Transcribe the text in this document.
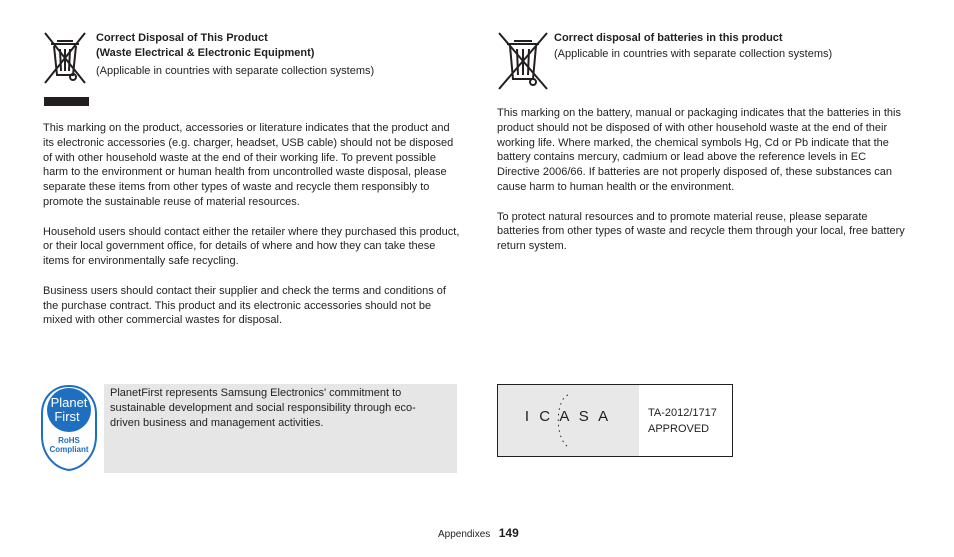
Correct Disposal of This Product

(Waste Electrical & Electronic Equipment)

(Applicable in countries with separate collection systems)

This marking on the product, accessories or literature indicates that the product and its electronic accessories (e.g. charger, headset, USB cable) should not be disposed of with other household waste at the end of their working life. To prevent possible harm to the environment or human health from uncontrolled waste disposal, please separate these items from other types of waste and recycle them responsibly to promote the sustainable reuse of material resources.

Household users should contact either the retailer where they purchased this product, or their local government office, for details of where and how they can take these items for environmentally safe recycling.

Business users should contact their supplier and check the terms and conditions of the purchase contract. This product and its electronic accessories should not be mixed with other commercial wastes for disposal.

Correct disposal of batteries in this product

(Applicable in countries with separate collection systems)

This marking on the battery, manual or packaging indicates that the batteries in this product should not be disposed of with other household waste at the end of their working life. Where marked, the chemical symbols Hg, Cd or Pb indicate that the battery contains mercury, cadmium or lead above the reference levels in EC Directive 2006/66. If batteries are not properly disposed of, these substances can cause harm to human health or the environment.

To protect natural resources and to promote material reuse, please separate batteries from other types of waste and recycle them through your local, free battery return system.

Planet
First
RoHS
Compliant

PlanetFirst represents Samsung Electronics' commitment to sustainable development and social responsibility through eco-driven business and management activities.	I C A S A	TA-2012/1717

APPROVED

Appendixes 149
